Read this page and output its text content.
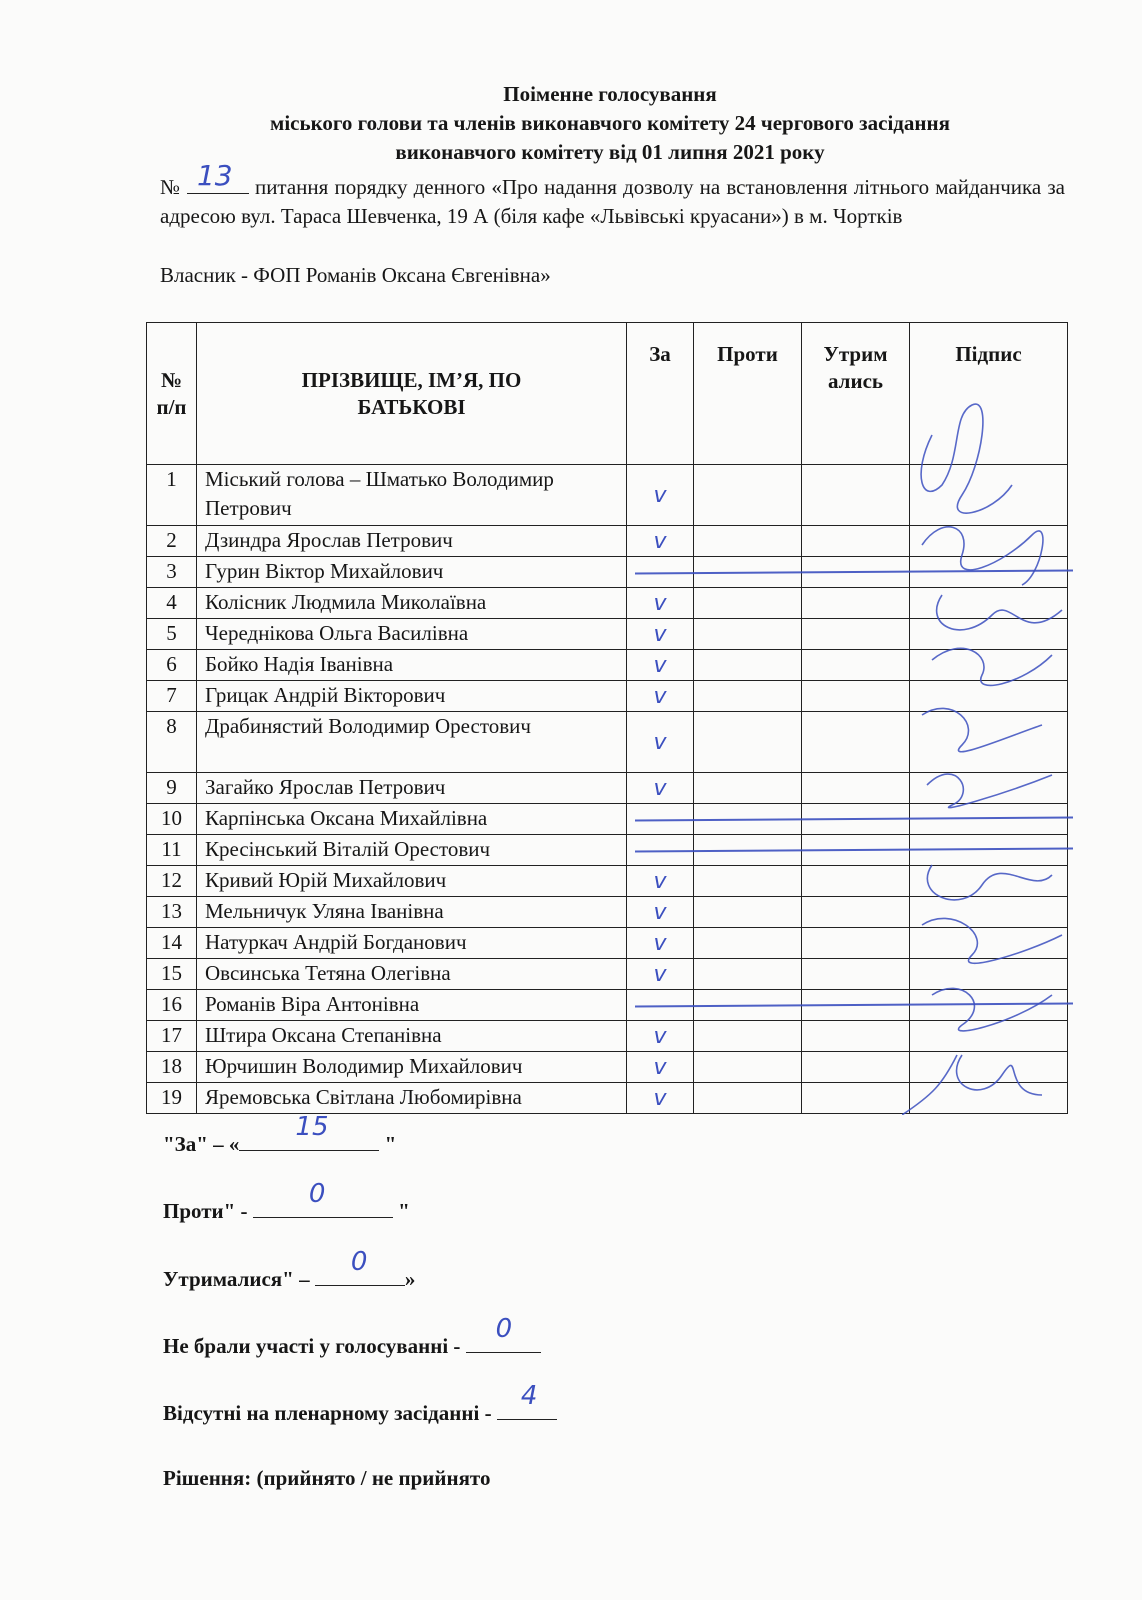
Поіменне голосування
міського голови та членів виконавчого комітету 24 чергового засідання
виконавчого комітету від 01 липня 2021 року
№ 13 питання порядку денного «Про надання дозволу на встановлення літнього майданчика за адресою вул. Тараса Шевченка, 19 А (біля кафе «Львівські круасани») в м. Чортків
Власник - ФОП Романів Оксана Євгенівна»
№ п/п	ПРІЗВИЩЕ, ІМ’Я, ПО БАТЬКОВІ	За	Проти	Утрим ались	Підпис
1	Міський голова – Шматько Володимир Петрович	v			
2	Дзиндра Ярослав Петрович	v			
3	Гурин Віктор Михайлович	

4	Колісник Людмила Миколаївна	v			
5	Череднікова Ольга Василівна	v			
6	Бойко Надія Іванівна	v			
7	Грицак Андрій Вікторович	v			
8	Драбинястий Володимир Орестович	v			
9	Загайко Ярослав Петрович	v			
10	Карпінська Оксана Михайлівна	

11	Кресінський Віталій Орестович	

12	Кривий Юрій Михайлович	v			
13	Мельничук Уляна Іванівна	v			
14	Натуркач Андрій Богданович	v			
15	Овсинська Тетяна Олегівна	v			
16	Романів Віра Антонівна	

17	Штира Оксана Степанівна	v			
18	Юрчишин Володимир Михайлович	v			
19	Яремовська Світлана Любомирівна	v			
"За" – «
15
"
Проти" -
0
"
Утрималися" –
0
»
Не брали участі у голосуванні -
0
Відсутні на пленарному засіданні -
4
Рішення: (прийнято / не прийнято
